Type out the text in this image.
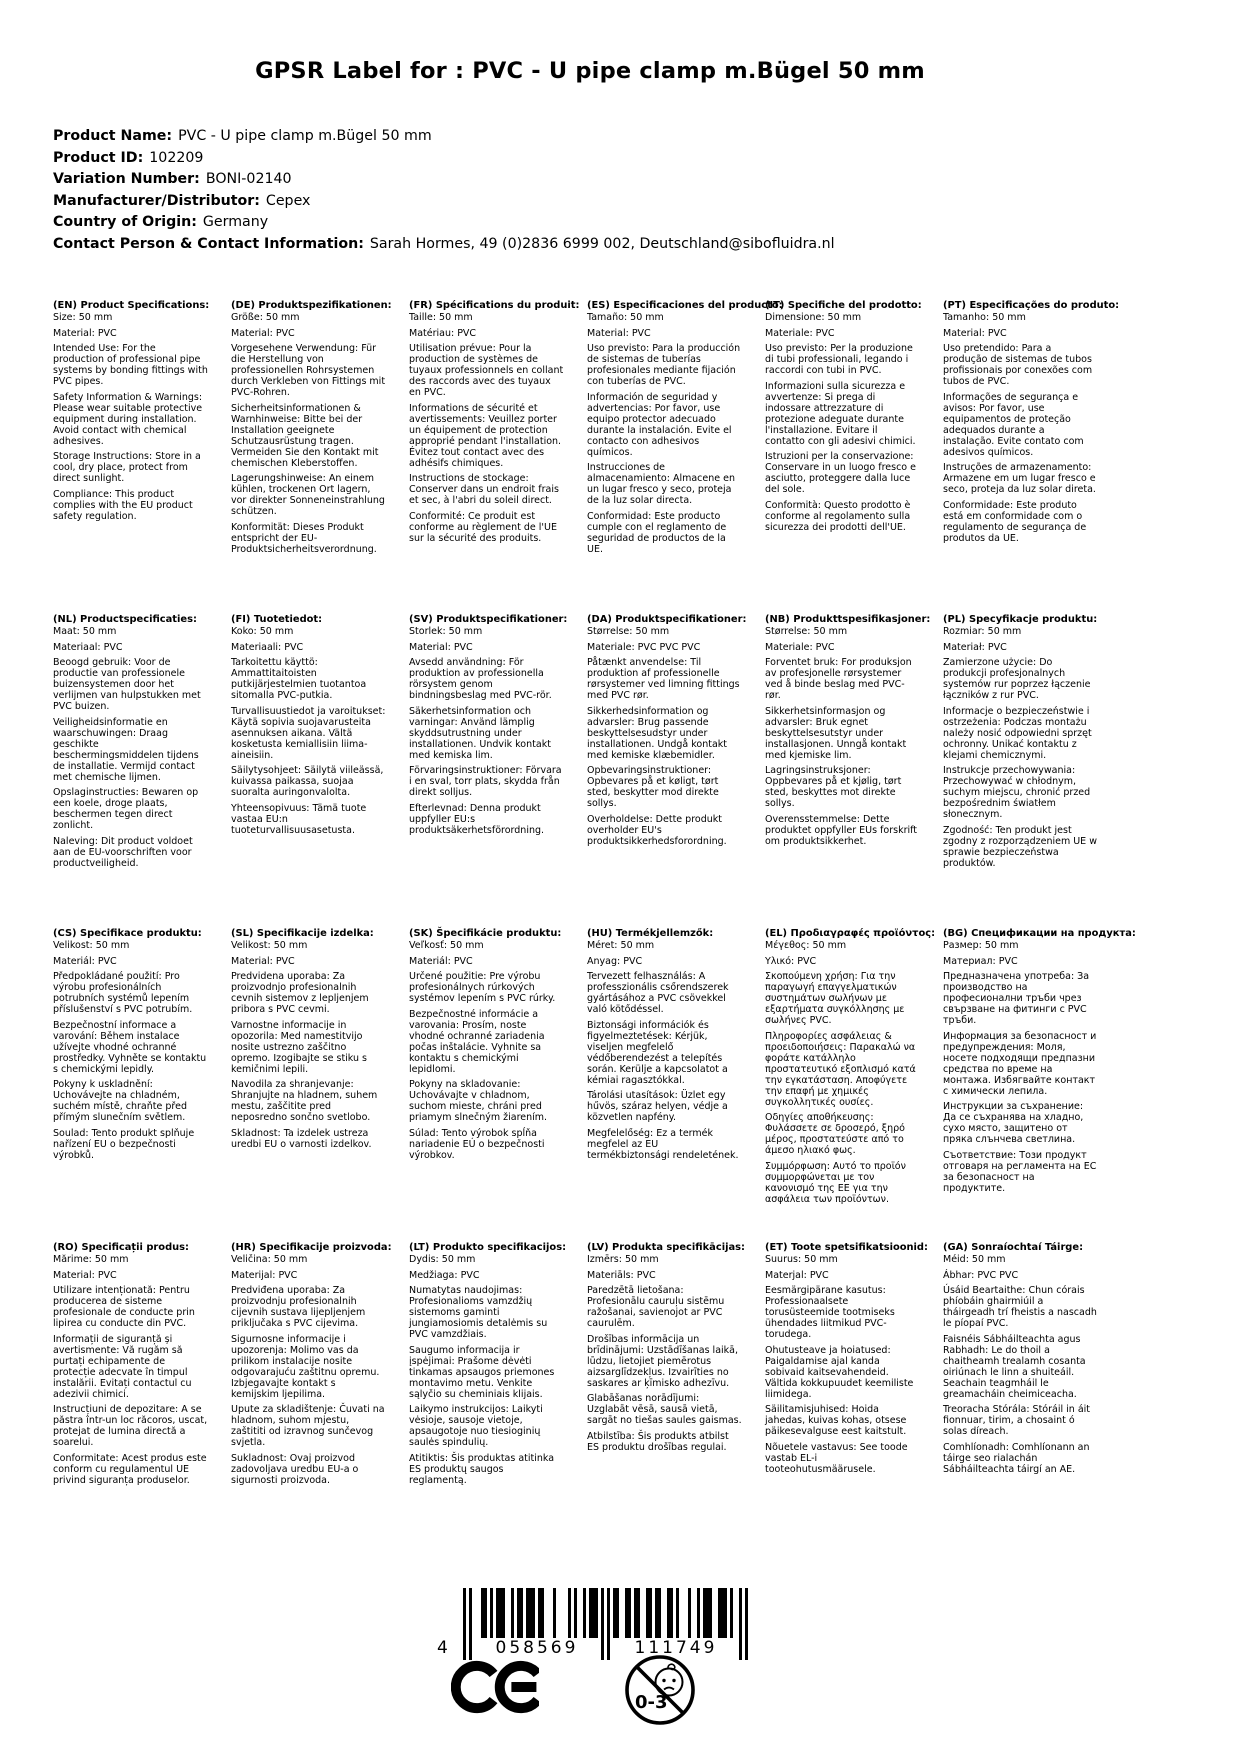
GPSR Label for : PVC - U pipe clamp m.Bügel 50 mm
Product Name: PVC - U pipe clamp m.Bügel 50 mm
Product ID: 102209
Variation Number: BONI-02140
Manufacturer/Distributor: Cepex
Country of Origin: Germany
Contact Person & Contact Information: Sarah Hormes, 49 (0)2836 6999 002, Deutschland@sibofluidra.nl
(EN) Product Specifications:

Size: 50 mm

Material: PVC

Intended Use: For the production of professional pipe systems by bonding fittings with PVC pipes.

Safety Information & Warnings: Please wear suitable protective equipment during installation. Avoid contact with chemical adhesives.

Storage Instructions: Store in a cool, dry place, protect from direct sunlight.

Compliance: This product complies with the EU product safety regulation.

(DE) Produktspezifikationen:

Größe: 50 mm

Material: PVC

Vorgesehene Verwendung: Für die Herstellung von professionellen Rohrsystemen durch Verkleben von Fittings mit PVC-Rohren.

Sicherheitsinformationen & Warnhinweise: Bitte bei der Installation geeignete Schutzausrüstung tragen. Vermeiden Sie den Kontakt mit chemischen Kleberstoffen.

Lagerungshinweise: An einem kühlen, trockenen Ort lagern, vor direkter Sonneneinstrahlung schützen.

Konformität: Dieses Produkt entspricht der EU-Produktsicherheitsverordnung.

(FR) Spécifications du produit:

Taille: 50 mm

Matériau: PVC

Utilisation prévue: Pour la production de systèmes de tuyaux professionnels en collant des raccords avec des tuyaux en PVC.

Informations de sécurité et avertissements: Veuillez porter un équipement de protection approprié pendant l'installation. Évitez tout contact avec des adhésifs chimiques.

Instructions de stockage: Conserver dans un endroit frais et sec, à l'abri du soleil direct.

Conformité: Ce produit est conforme au règlement de l'UE sur la sécurité des produits.

(ES) Especificaciones del producto:

Tamaño: 50 mm

Material: PVC

Uso previsto: Para la producción de sistemas de tuberías profesionales mediante fijación con tuberías de PVC.

Información de seguridad y advertencias: Por favor, use equipo protector adecuado durante la instalación. Evite el contacto con adhesivos químicos.

Instrucciones de almacenamiento: Almacene en un lugar fresco y seco, proteja de la luz solar directa.

Conformidad: Este producto cumple con el reglamento de seguridad de productos de la UE.

(IT) Specifiche del prodotto:

Dimensione: 50 mm

Materiale: PVC

Uso previsto: Per la produzione di tubi professionali, legando i raccordi con tubi in PVC.

Informazioni sulla sicurezza e avvertenze: Si prega di indossare attrezzature di protezione adeguate durante l'installazione. Evitare il contatto con gli adesivi chimici.

Istruzioni per la conservazione: Conservare in un luogo fresco e asciutto, proteggere dalla luce del sole.

Conformità: Questo prodotto è conforme al regolamento sulla sicurezza dei prodotti dell'UE.

(PT) Especificações do produto:

Tamanho: 50 mm

Material: PVC

Uso pretendido: Para a produção de sistemas de tubos profissionais por conexões com tubos de PVC.

Informações de segurança e avisos: Por favor, use equipamentos de proteção adequados durante a instalação. Evite contato com adesivos químicos.

Instruções de armazenamento: Armazene em um lugar fresco e seco, proteja da luz solar direta.

Conformidade: Este produto está em conformidade com o regulamento de segurança de produtos da UE.

(NL) Productspecificaties:

Maat: 50 mm

Materiaal: PVC

Beoogd gebruik: Voor de productie van professionele buizensystemen door het verlijmen van hulpstukken met PVC buizen.

Veiligheidsinformatie en waarschuwingen: Draag geschikte beschermingsmiddelen tijdens de installatie. Vermijd contact met chemische lijmen.

Opslaginstructies: Bewaren op een koele, droge plaats, beschermen tegen direct zonlicht.

Naleving: Dit product voldoet aan de EU-voorschriften voor productveiligheid.

(FI) Tuotetiedot:

Koko: 50 mm

Materiaali: PVC

Tarkoitettu käyttö: Ammattitaitoisten putkijärjestelmien tuotantoa sitomalla PVC-putkia.

Turvallisuustiedot ja varoitukset: Käytä sopivia suojavarusteita asennuksen aikana. Vältä kosketusta kemiallisiin liima-aineisiin.

Säilytysohjeet: Säilytä viileässä, kuivassa paikassa, suojaa suoralta auringonvalolta.

Yhteensopivuus: Tämä tuote vastaa EU:n tuoteturvallisuusasetusta.

(SV) Produktspecifikationer:

Storlek: 50 mm

Material: PVC

Avsedd användning: För produktion av professionella rörsystem genom bindningsbeslag med PVC-rör.

Säkerhetsinformation och varningar: Använd lämplig skyddsutrustning under installationen. Undvik kontakt med kemiska lim.

Förvaringsinstruktioner: Förvara i en sval, torr plats, skydda från direkt solljus.

Efterlevnad: Denna produkt uppfyller EU:s produktsäkerhetsförordning.

(DA) Produktspecifikationer:

Størrelse: 50 mm

Materiale: PVC PVC PVC

Påtænkt anvendelse: Til produktion af professionelle rørsystemer ved limning fittings med PVC rør.

Sikkerhedsinformation og advarsler: Brug passende beskyttelsesudstyr under installationen. Undgå kontakt med kemiske klæbemidler.

Opbevaringsinstruktioner: Opbevares på et køligt, tørt sted, beskytter mod direkte sollys.

Overholdelse: Dette produkt overholder EU's produktsikkerhedsforordning.

(NB) Produkttspesifikasjoner:

Størrelse: 50 mm

Materiale: PVC

Forventet bruk: For produksjon av profesjonelle rørsystemer ved å binde beslag med PVC-rør.

Sikkerhetsinformasjon og advarsler: Bruk egnet beskyttelsesutstyr under installasjonen. Unngå kontakt med kjemiske lim.

Lagringsinstruksjoner: Oppbevares på et kjølig, tørt sted, beskyttes mot direkte sollys.

Overensstemmelse: Dette produktet oppfyller EUs forskrift om produktsikkerhet.

(PL) Specyfikacje produktu:

Rozmiar: 50 mm

Materiał: PVC

Zamierzone użycie: Do produkcji profesjonalnych systemów rur poprzez łączenie łączników z rur PVC.

Informacje o bezpieczeństwie i ostrzeżenia: Podczas montażu należy nosić odpowiedni sprzęt ochronny. Unikać kontaktu z klejami chemicznymi.

Instrukcje przechowywania: Przechowywać w chłodnym, suchym miejscu, chronić przed bezpośrednim światłem słonecznym.

Zgodność: Ten produkt jest zgodny z rozporządzeniem UE w sprawie bezpieczeństwa produktów.

(CS) Specifikace produktu:

Velikost: 50 mm

Materiál: PVC

Předpokládané použití: Pro výrobu profesionálních potrubních systémů lepením příslušenství s PVC potrubím.

Bezpečnostní informace a varování: Během instalace užívejte vhodné ochranné prostředky. Vyhněte se kontaktu s chemickými lepidly.

Pokyny k uskladnění: Uchovávejte na chladném, suchém místě, chraňte před přímým slunečním světlem.

Soulad: Tento produkt splňuje nařízení EU o bezpečnosti výrobků.

(SL) Specifikacije izdelka:

Velikost: 50 mm

Material: PVC

Predvidena uporaba: Za proizvodnjo profesionalnih cevnih sistemov z lepljenjem pribora s PVC cevmi.

Varnostne informacije in opozorila: Med namestitvijo nosite ustrezno zaščitno opremo. Izogibajte se stiku s kemičnimi lepili.

Navodila za shranjevanje: Shranjujte na hladnem, suhem mestu, zaščitite pred neposredno sončno svetlobo.

Skladnost: Ta izdelek ustreza uredbi EU o varnosti izdelkov.

(SK) Špecifikácie produktu:

Veľkosť: 50 mm

Materiál: PVC

Určené použitie: Pre výrobu profesionálnych rúrkových systémov lepením s PVC rúrky.

Bezpečnostné informácie a varovania: Prosím, noste vhodné ochranné zariadenia počas inštalácie. Vyhnite sa kontaktu s chemickými lepidlomi.

Pokyny na skladovanie: Uchovávajte v chladnom, suchom mieste, chráni pred priamym slnečným žiarením.

Súlad: Tento výrobok spĺňa nariadenie EÚ o bezpečnosti výrobkov.

(HU) Termékjellemzők:

Méret: 50 mm

Anyag: PVC

Tervezett felhasználás: A professzionális csőrendszerek gyártásához a PVC csövekkel való kötődéssel.

Biztonsági információk és figyelmeztetések: Kérjük, viseljen megfelelő védőberendezést a telepítés során. Kerülje a kapcsolatot a kémiai ragasztókkal.

Tárolási utasítások: Üzlet egy hűvös, száraz helyen, védje a közvetlen napfény.

Megfelelőség: Ez a termék megfelel az EU termékbiztonsági rendeletének.

(EL) Προδιαγραφές προϊόντος:

Μέγεθος: 50 mm

Υλικό: PVC

Σκοπούμενη χρήση: Για την παραγωγή επαγγελματικών συστημάτων σωλήνων με εξαρτήματα συγκόλλησης με σωλήνες PVC.

Πληροφορίες ασφάλειας & προειδοποιήσεις: Παρακαλώ να φοράτε κατάλληλο προστατευτικό εξοπλισμό κατά την εγκατάσταση. Αποφύγετε την επαφή με χημικές συγκολλητικές ουσίες.

Οδηγίες αποθήκευσης: Φυλάσσετε σε δροσερό, ξηρό μέρος, προστατεύστε από το άμεσο ηλιακό φως.

Συμμόρφωση: Αυτό το προϊόν συμμορφώνεται με τον κανονισμό της ΕΕ για την ασφάλεια των προϊόντων.

(BG) Спецификации на продукта:

Размер: 50 mm

Материал: PVC

Предназначена употреба: За производство на професионални тръби чрез свързване на фитинги с PVC тръби.

Информация за безопасност и предупреждения: Моля, носете подходящи предпазни средства по време на монтажа. Избягвайте контакт с химически лепила.

Инструкции за съхранение: Да се съхранява на хладно, сухо място, защитено от пряка слънчева светлина.

Съответствие: Този продукт отговаря на регламента на ЕС за безопасност на продуктите.

(RO) Specificații produs:

Mărime: 50 mm

Material: PVC

Utilizare intenționată: Pentru producerea de sisteme profesionale de conducte prin lipirea cu conducte din PVC.

Informații de siguranță și avertismente: Vă rugăm să purtați echipamente de protecție adecvate în timpul instalării. Evitați contactul cu adezivii chimici.

Instrucțiuni de depozitare: A se păstra într-un loc răcoros, uscat, protejat de lumina directă a soarelui.

Conformitate: Acest produs este conform cu regulamentul UE privind siguranța produselor.

(HR) Specifikacije proizvoda:

Veličina: 50 mm

Materijal: PVC

Predviđena uporaba: Za proizvodnju profesionalnih cijevnih sustava lijepljenjem priključaka s PVC cijevima.

Sigurnosne informacije i upozorenja: Molimo vas da prilikom instalacije nosite odgovarajuću zaštitnu opremu. Izbjegavajte kontakt s kemijskim ljepilima.

Upute za skladištenje: Čuvati na hladnom, suhom mjestu, zaštititi od izravnog sunčevog svjetla.

Sukladnost: Ovaj proizvod zadovoljava uredbu EU-a o sigurnosti proizvoda.

(LT) Produkto specifikacijos:

Dydis: 50 mm

Medžiaga: PVC

Numatytas naudojimas: Profesionalioms vamzdžių sistemoms gaminti jungiamosiomis detalėmis su PVC vamzdžiais.

Saugumo informacija ir įspėjimai: Prašome dėvėti tinkamas apsaugos priemones montavimo metu. Venkite sąlyčio su cheminiais klijais.

Laikymo instrukcijos: Laikyti vėsioje, sausoje vietoje, apsaugotoje nuo tiesioginių saulės spindulių.

Atitiktis: Šis produktas atitinka ES produktų saugos reglamentą.

(LV) Produkta specifikācijas:

Izmērs: 50 mm

Materiāls: PVC

Paredzētā lietošana: Profesionālu cauruļu sistēmu ražošanai, savienojot ar PVC caurulēm.

Drošības informācija un brīdinājumi: Uzstādīšanas laikā, lūdzu, lietojiet piemērotus aizsarglīdzekļus. Izvairīties no saskares ar ķīmisko adhezīvu.

Glabāšanas norādījumi: Uzglabāt vēsā, sausā vietā, sargāt no tiešas saules gaismas.

Atbilstība: Šis produkts atbilst ES produktu drošības regulai.

(ET) Toote spetsifikatsioonid:

Suurus: 50 mm

Materjal: PVC

Eesmärgipärane kasutus: Professionaalsete torusüsteemide tootmiseks ühendades liitmikud PVC-torudega.

Ohutusteave ja hoiatused: Paigaldamise ajal kanda sobivaid kaitsevahendeid. Vältida kokkupuudet keemiliste liimidega.

Säilitamisjuhised: Hoida jahedas, kuivas kohas, otsese päikesevalguse eest kaitstult.

Nõuetele vastavus: See toode vastab EL-i tooteohutusmäärusele.

(GA) Sonraíochtaí Táirge:

Méid: 50 mm

Ábhar: PVC PVC

Úsáid Beartaithe: Chun córais phíobáin ghairmiúil a tháirgeadh trí fheistis a nascadh le píopaí PVC.

Faisnéis Sábháilteachta agus Rabhadh: Le do thoil a chaitheamh trealamh cosanta oiriúnach le linn a shuiteáil. Seachain teagmháil le greamacháin cheimiceacha.

Treoracha Stórála: Stóráil in áit fionnuar, tirim, a chosaint ó solas díreach.

Comhlíonadh: Comhlíonann an táirge seo rialachán Sábháilteachta táirgí an AE.

4	058569	111749
0-3
